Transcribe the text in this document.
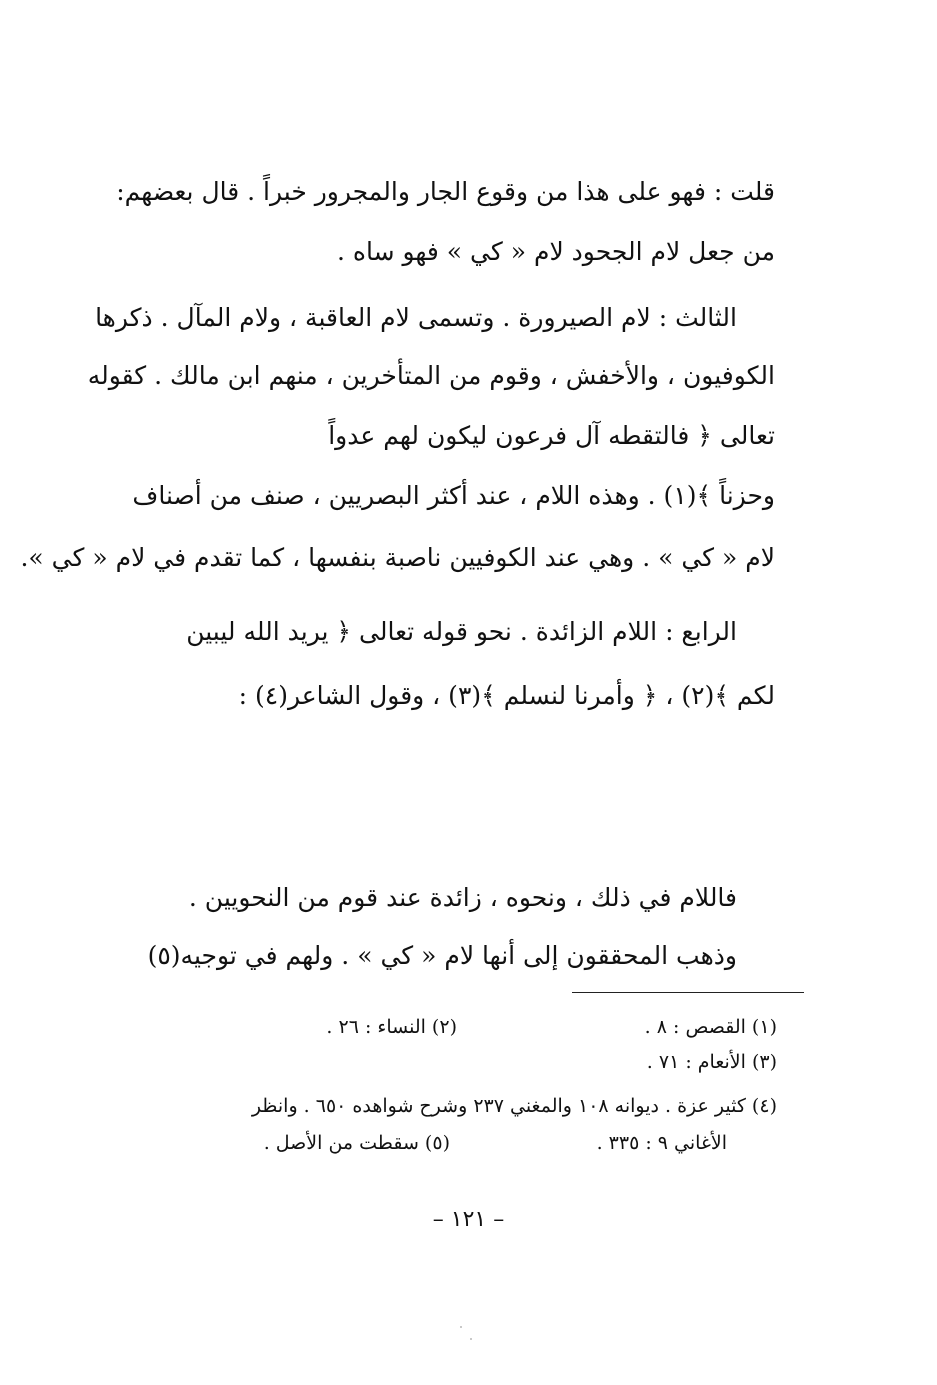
قلت : فهو على هذا من وقوع الجار والمجرور خبراً . قال بعضهم:
من جعل لام الجحود لام « كي » فهو ساه .
الثالث : لام الصيرورة . وتسمى لام العاقبة ، ولام المآل . ذكرها
الكوفيون ، والأخفش ، وقوم من المتأخرين ، منهم ابن مالك . كقوله
تعالى ﴿ فالتقطه آل فرعون ليكون لهم عدواً
وحزناً ﴾(١) . وهذه اللام ، عند أكثر البصريين ، صنف من أصناف
لام « كي » . وهي عند الكوفيين ناصبة بنفسها ، كما تقدم في لام « كي ».
الرابع : اللام الزائدة . نحو قوله تعالى ﴿ يريد الله ليبين
لكم ﴾(٢) ، ﴿ وأمرنا لنسلم ﴾(٣) ، وقول الشاعر(٤) :
فاللام في ذلك ، ونحوه ، زائدة عند قوم من النحويين .
وذهب المحققون إلى أنها لام « كي » . ولهم في توجيه(٥)
(١) القصص : ٨ .
(٢) النساء : ٢٦ .
(٣) الأنعام : ٧١ .
(٤) كثير عزة . ديوانه ١٠٨ والمغني ٢٣٧ وشرح شواهده ٦٥٠ . وانظر
الأغاني ٩ : ٣٣٥ .
(٥) سقطت من الأصل .
– ١٢١ –
